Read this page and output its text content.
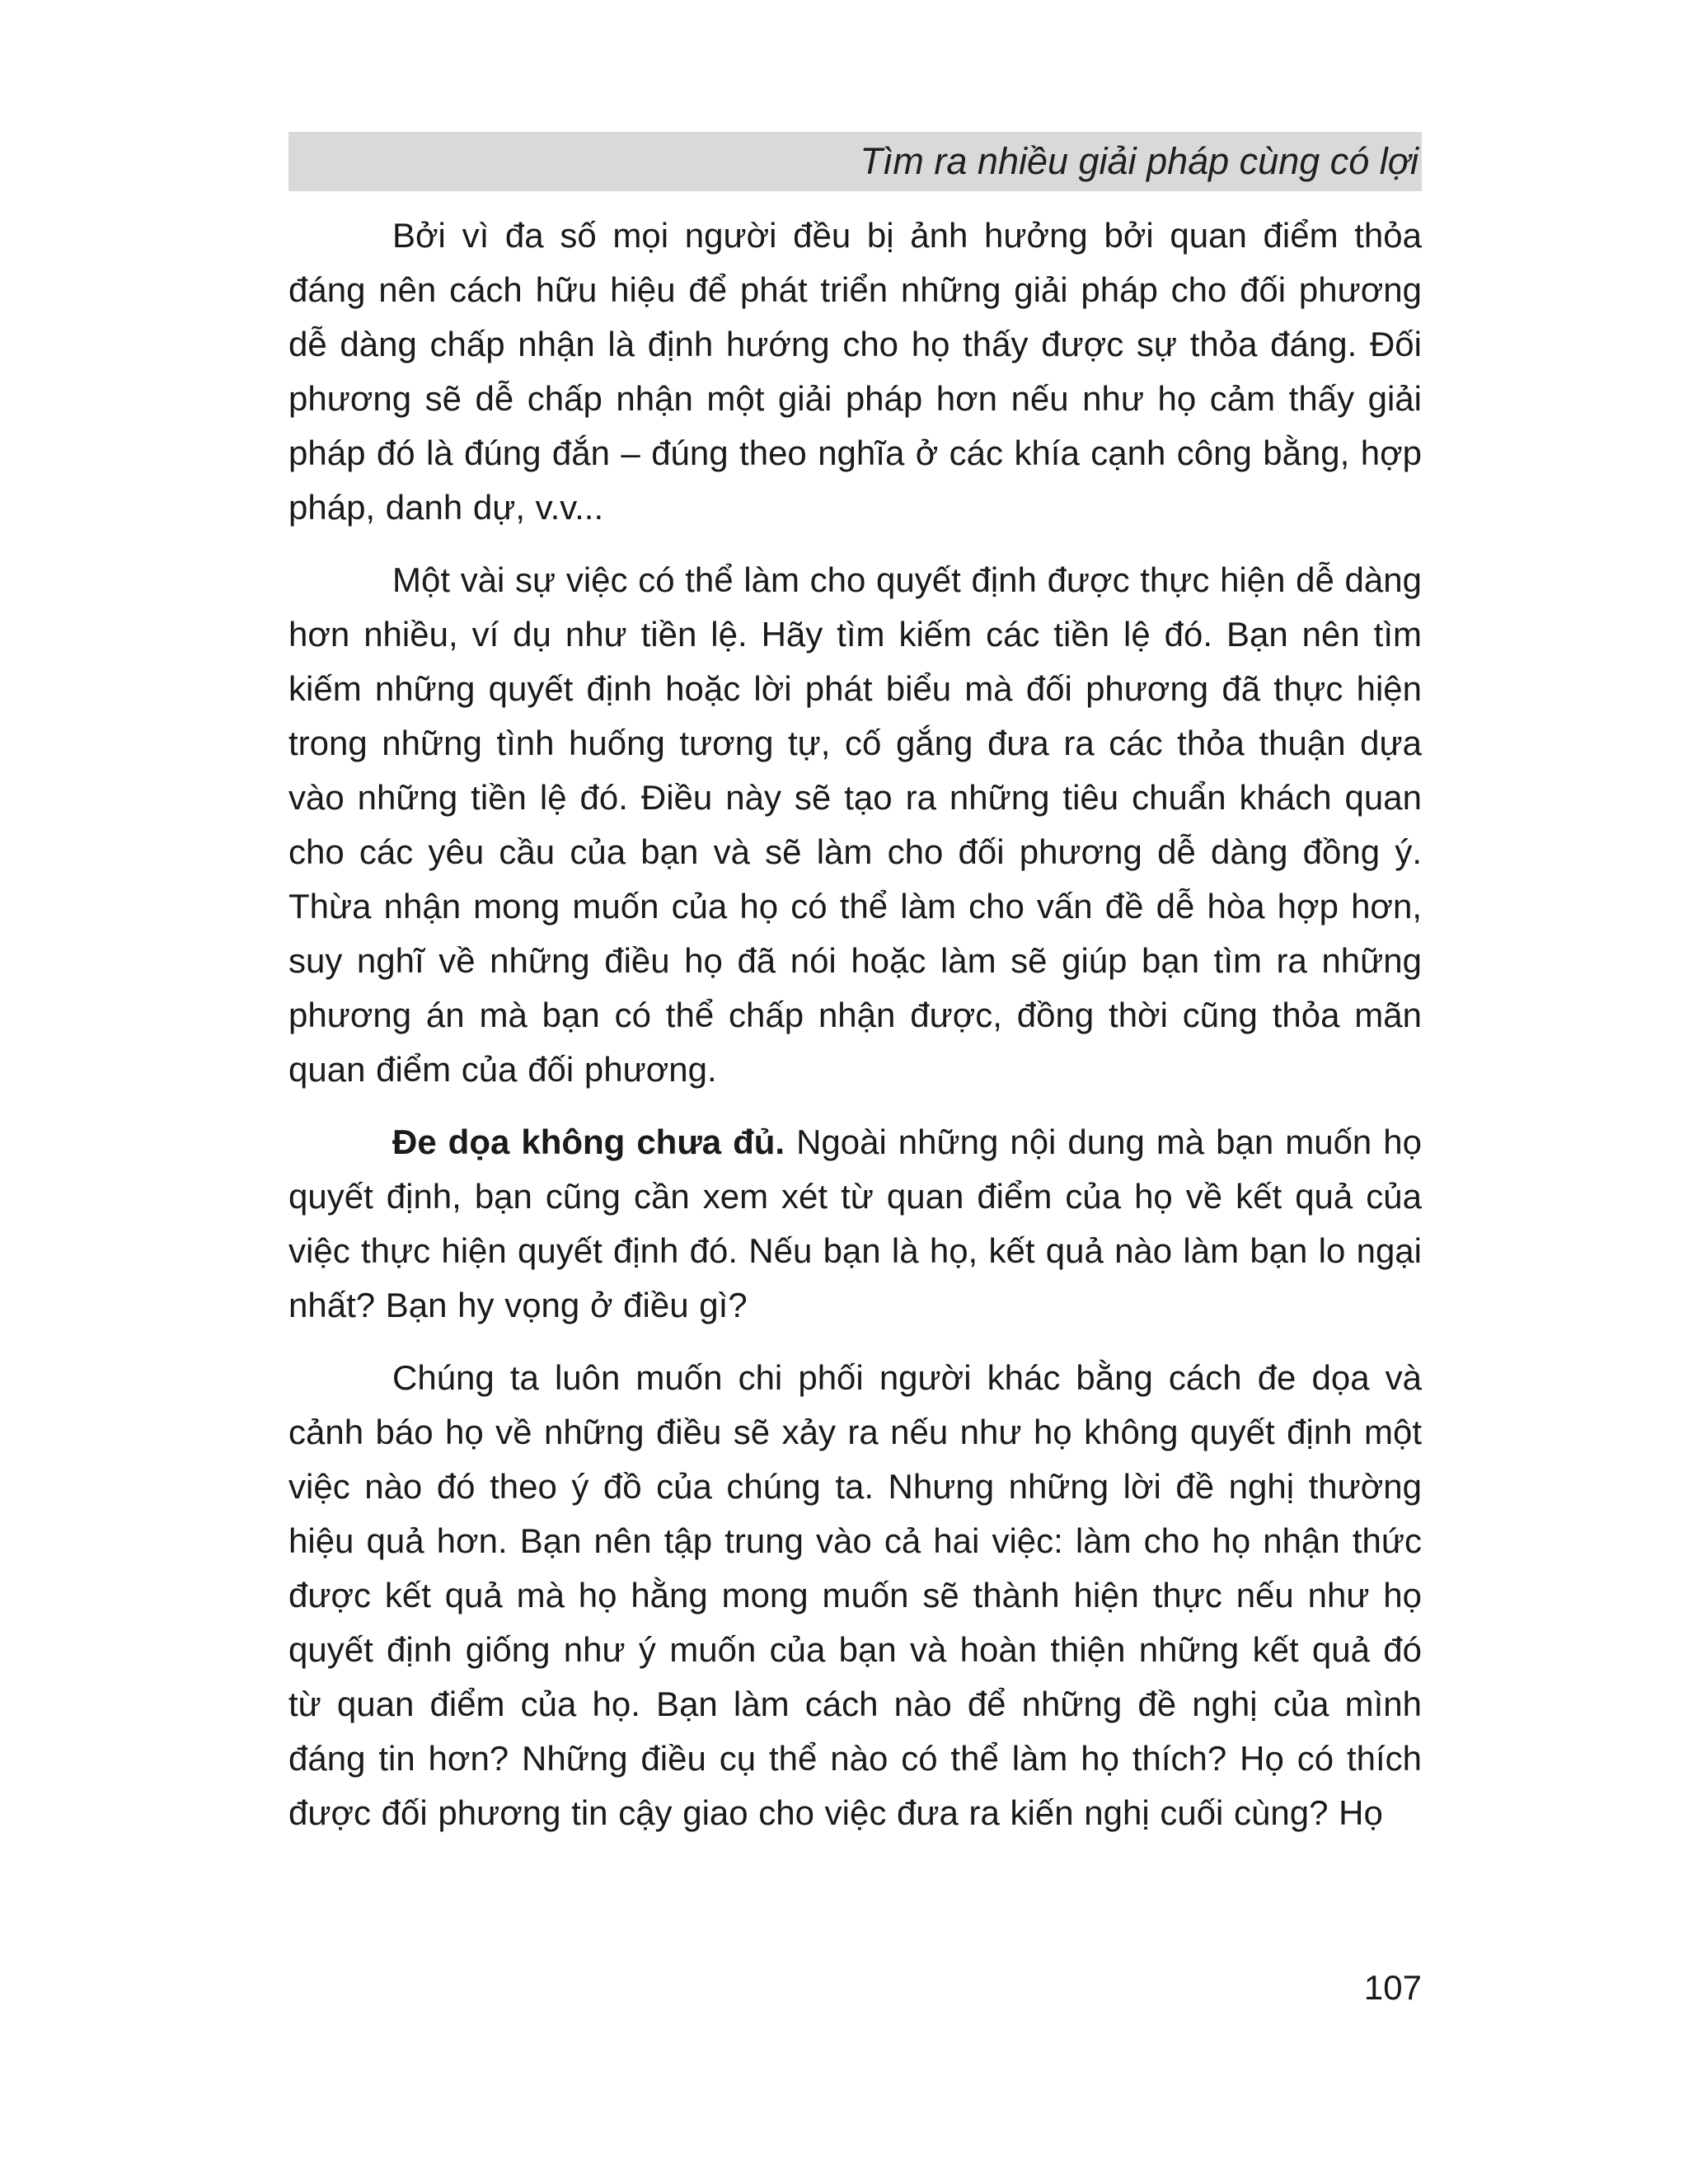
Tìm ra nhiều giải pháp cùng có lợi

Bởi vì đa số mọi người đều bị ảnh hưởng bởi quan điểm thỏa đáng nên cách hữu hiệu để phát triển những giải pháp cho đối phương dễ dàng chấp nhận là định hướng cho họ thấy được sự thỏa đáng. Đối phương sẽ dễ chấp nhận một giải pháp hơn nếu như họ cảm thấy giải pháp đó là đúng đắn – đúng theo nghĩa ở các khía cạnh công bằng, hợp pháp, danh dự, v.v...

Một vài sự việc có thể làm cho quyết định được thực hiện dễ dàng hơn nhiều, ví dụ như tiền lệ. Hãy tìm kiếm các tiền lệ đó. Bạn nên tìm kiếm những quyết định hoặc lời phát biểu mà đối phương đã thực hiện trong những tình huống tương tự, cố gắng đưa ra các thỏa thuận dựa vào những tiền lệ đó. Điều này sẽ tạo ra những tiêu chuẩn khách quan cho các yêu cầu của bạn và sẽ làm cho đối phương dễ dàng đồng ý. Thừa nhận mong muốn của họ có thể làm cho vấn đề dễ hòa hợp hơn, suy nghĩ về những điều họ đã nói hoặc làm sẽ giúp bạn tìm ra những phương án mà bạn có thể chấp nhận được, đồng thời cũng thỏa mãn quan điểm của đối phương.

Đe dọa không chưa đủ. Ngoài những nội dung mà bạn muốn họ quyết định, bạn cũng cần xem xét từ quan điểm của họ về kết quả của việc thực hiện quyết định đó. Nếu bạn là họ, kết quả nào làm bạn lo ngại nhất? Bạn hy vọng ở điều gì?

Chúng ta luôn muốn chi phối người khác bằng cách đe dọa và cảnh báo họ về những điều sẽ xảy ra nếu như họ không quyết định một việc nào đó theo ý đồ của chúng ta. Nhưng những lời đề nghị thường hiệu quả hơn. Bạn nên tập trung vào cả hai việc: làm cho họ nhận thức được kết quả mà họ hằng mong muốn sẽ thành hiện thực nếu như họ quyết định giống như ý muốn của bạn và hoàn thiện những kết quả đó từ quan điểm của họ. Bạn làm cách nào để những đề nghị của mình đáng tin hơn? Những điều cụ thể nào có thể làm họ thích? Họ có thích được đối phương tin cậy giao cho việc đưa ra kiến nghị cuối cùng? Họ

107
